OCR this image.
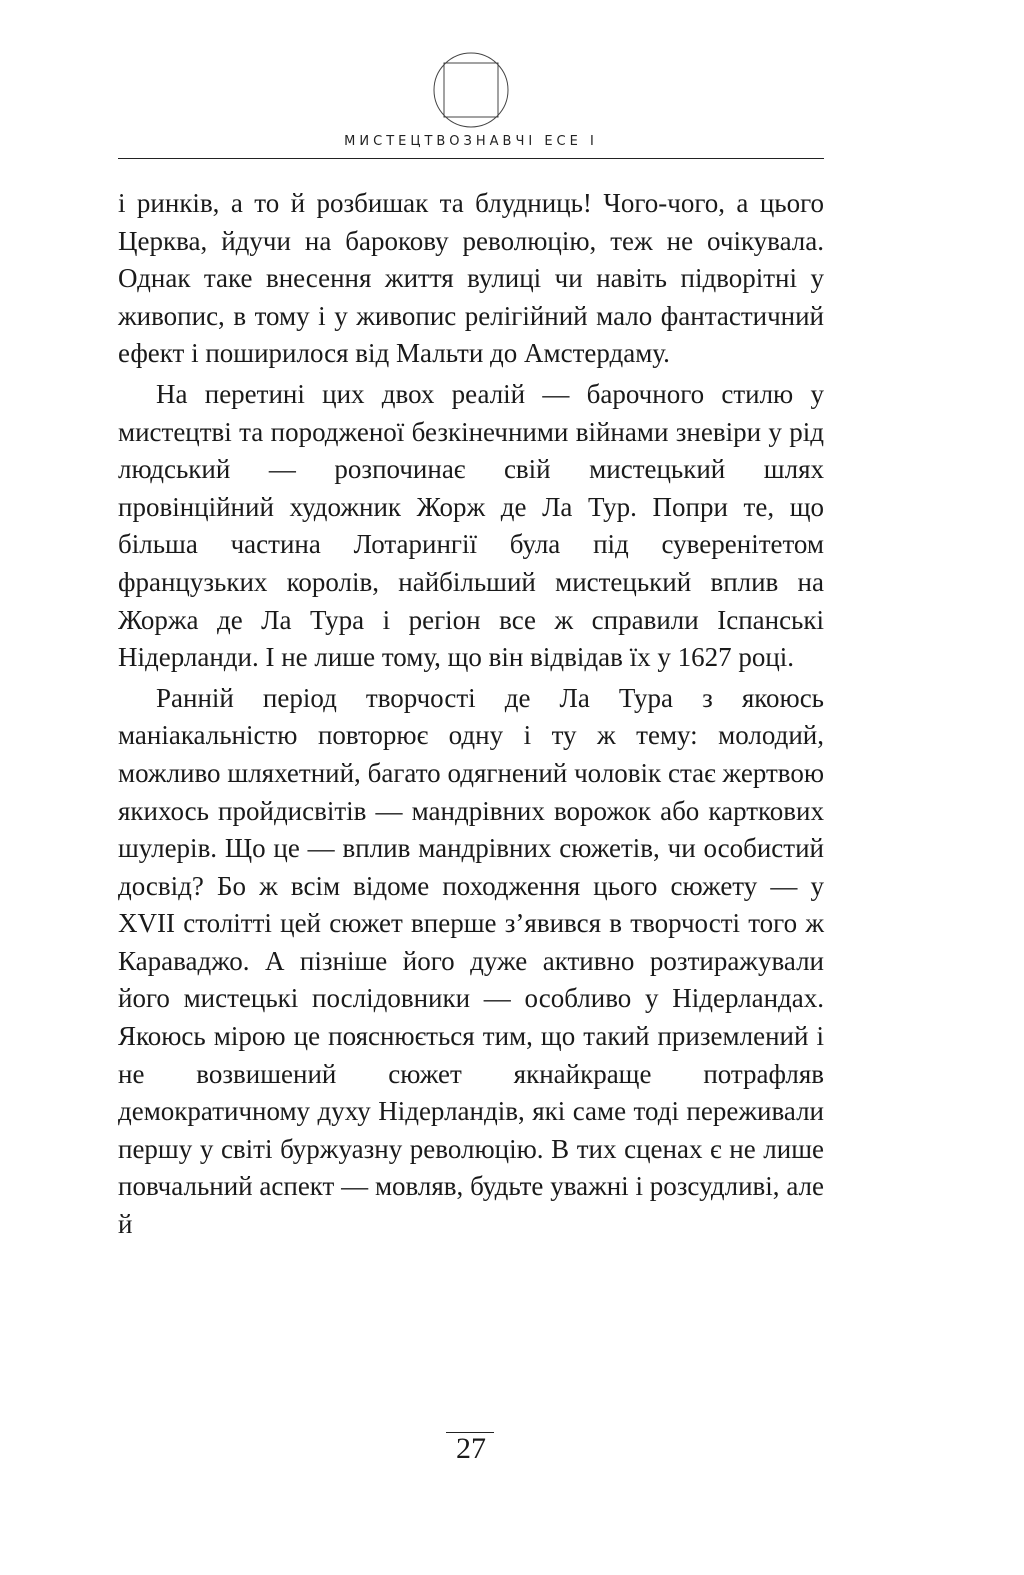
МИСТЕЦТВОЗНАВЧІ ЕСЕ І

і ринків, а то й розбишак та блудниць! Чого-чого, а цього Церква, йдучи на барокову революцію, теж не очікувала. Однак таке внесення життя вулиці чи навіть підворітні у живопис, в тому і у живопис релігійний мало фантастичний ефект і поширилося від Мальти до Амстердаму.

На перетині цих двох реалій — барочного стилю у мистецтві та породженої безкінечними війнами зневіри у рід людський — розпочинає свій мистецький шлях провінційний художник Жорж де Ла Тур. Попри те, що більша частина Лотарингії була під суверенітетом французьких королів, найбільший мистецький вплив на Жоржа де Ла Тура і регіон все ж справили Іспанські Нідерланди. І не лише тому, що він відвідав їх у 1627 році.

Ранній період творчості де Ла Тура з якоюсь маніакальністю повторює одну і ту ж тему: молодий, можливо шляхетний, багато одягнений чоловік стає жертвою якихось пройдисвітів — мандрівних ворожок або карткових шулерів. Що це — вплив мандрівних сюжетів, чи особистий досвід? Бо ж всім відоме походження цього сюжету — у XVII столітті цей сюжет вперше з’явився в творчості того ж Караваджо. А пізніше його дуже активно розтиражували його мистецькі послідовники — особливо у Нідерландах. Якоюсь мірою це пояснюється тим, що такий приземлений і не возвишений сюжет якнайкраще потрафляв демократичному духу Нідерландів, які саме тоді переживали першу у світі буржуазну революцію. В тих сценах є не лише повчальний аспект — мовляв, будьте уважні і розсудливі, але й

27
